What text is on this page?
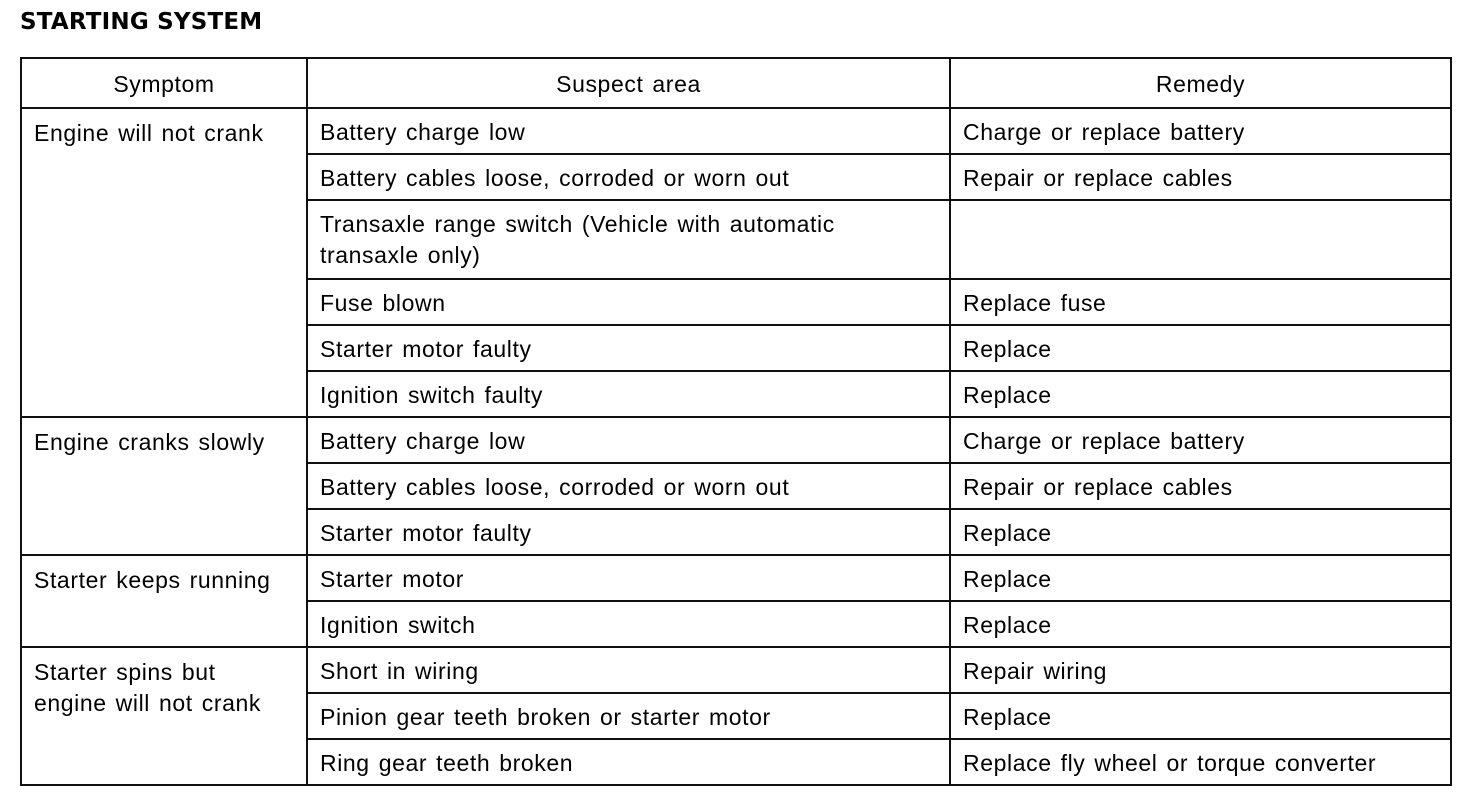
STARTING SYSTEM
Symptom	Suspect area	Remedy
Engine will not crank	Battery charge low	Charge or replace battery
	Battery cables loose, corroded or worn out	Repair or replace cables
	Transaxle range switch (Vehicle with automatic transaxle only)	
	Fuse blown	Replace fuse
	Starter motor faulty	Replace
	Ignition switch faulty	Replace
Engine cranks slowly	Battery charge low	Charge or replace battery
	Battery cables loose, corroded or worn out	Repair or replace cables
	Starter motor faulty	Replace
Starter keeps running	Starter motor	Replace
	Ignition switch	Replace
Starter spins but engine will not crank	Short in wiring	Repair wiring
	Pinion gear teeth broken or starter motor	Replace
	Ring gear teeth broken	Replace fly wheel or torque converter
